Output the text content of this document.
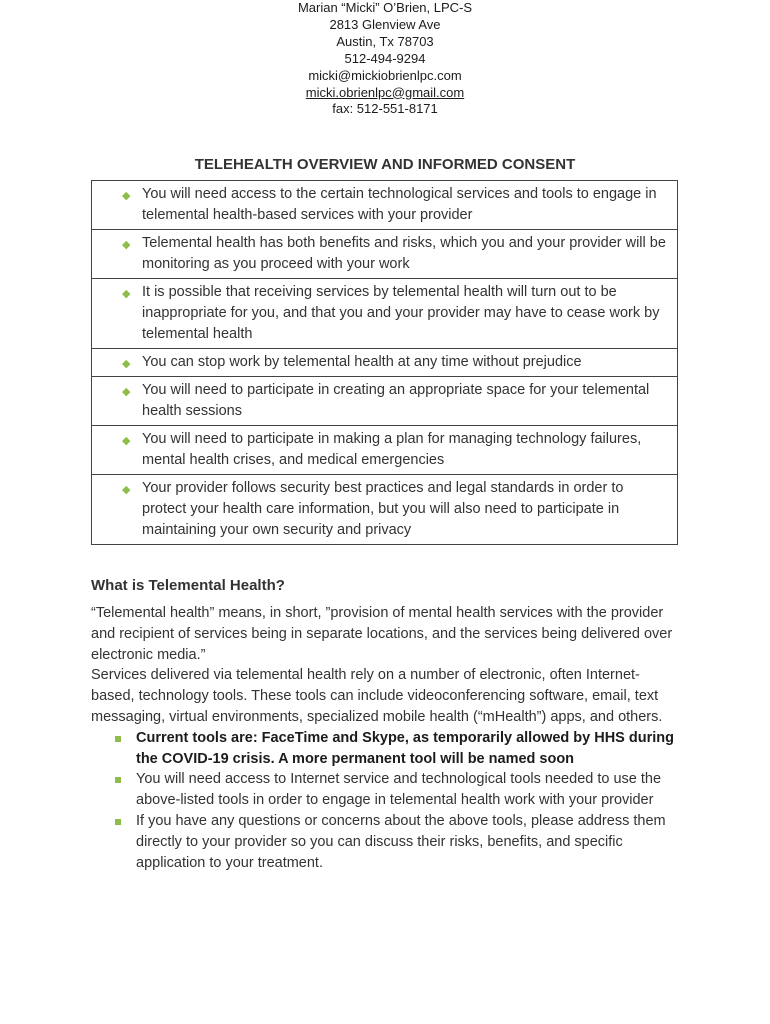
Marian “Micki” O’Brien, LPC-S
2813 Glenview Ave
Austin, Tx 78703
512-494-9294
micki@mickiobrienlpc.com
micki.obrienlpc@gmail.com
fax: 512-551-8171
TELEHEALTH OVERVIEW AND INFORMED CONSENT
◆ You will need access to the certain technological services and tools to engage in telemental health-based services with your provider
◆ Telemental health has both benefits and risks, which you and your provider will be monitoring as you proceed with your work
◆ It is possible that receiving services by telemental health will turn out to be inappropriate for you, and that you and your provider may have to cease work by telemental health
◆ You can stop work by telemental health at any time without prejudice
◆ You will need to participate in creating an appropriate space for your telemental health sessions
◆ You will need to participate in making a plan for managing technology failures, mental health crises, and medical emergencies
◆ Your provider follows security best practices and legal standards in order to protect your health care information, but you will also need to participate in maintaining your own security and privacy
What is Telemental Health?

“Telemental health” means, in short, ”provision of mental health services with the provider and recipient of services being in separate locations, and the services being delivered over electronic media.”

Services delivered via telemental health rely on a number of electronic, often Internet-based, technology tools. These tools can include videoconferencing software, email, text messaging, virtual environments, specialized mobile health (“mHealth”) apps, and others.

Current tools are: FaceTime and Skype, as temporarily allowed by HHS during the COVID-19 crisis. A more permanent tool will be named soon
You will need access to Internet service and technological tools needed to use the above-listed tools in order to engage in telemental health work with your provider
If you have any questions or concerns about the above tools, please address them directly to your provider so you can discuss their risks, benefits, and specific application to your treatment.
